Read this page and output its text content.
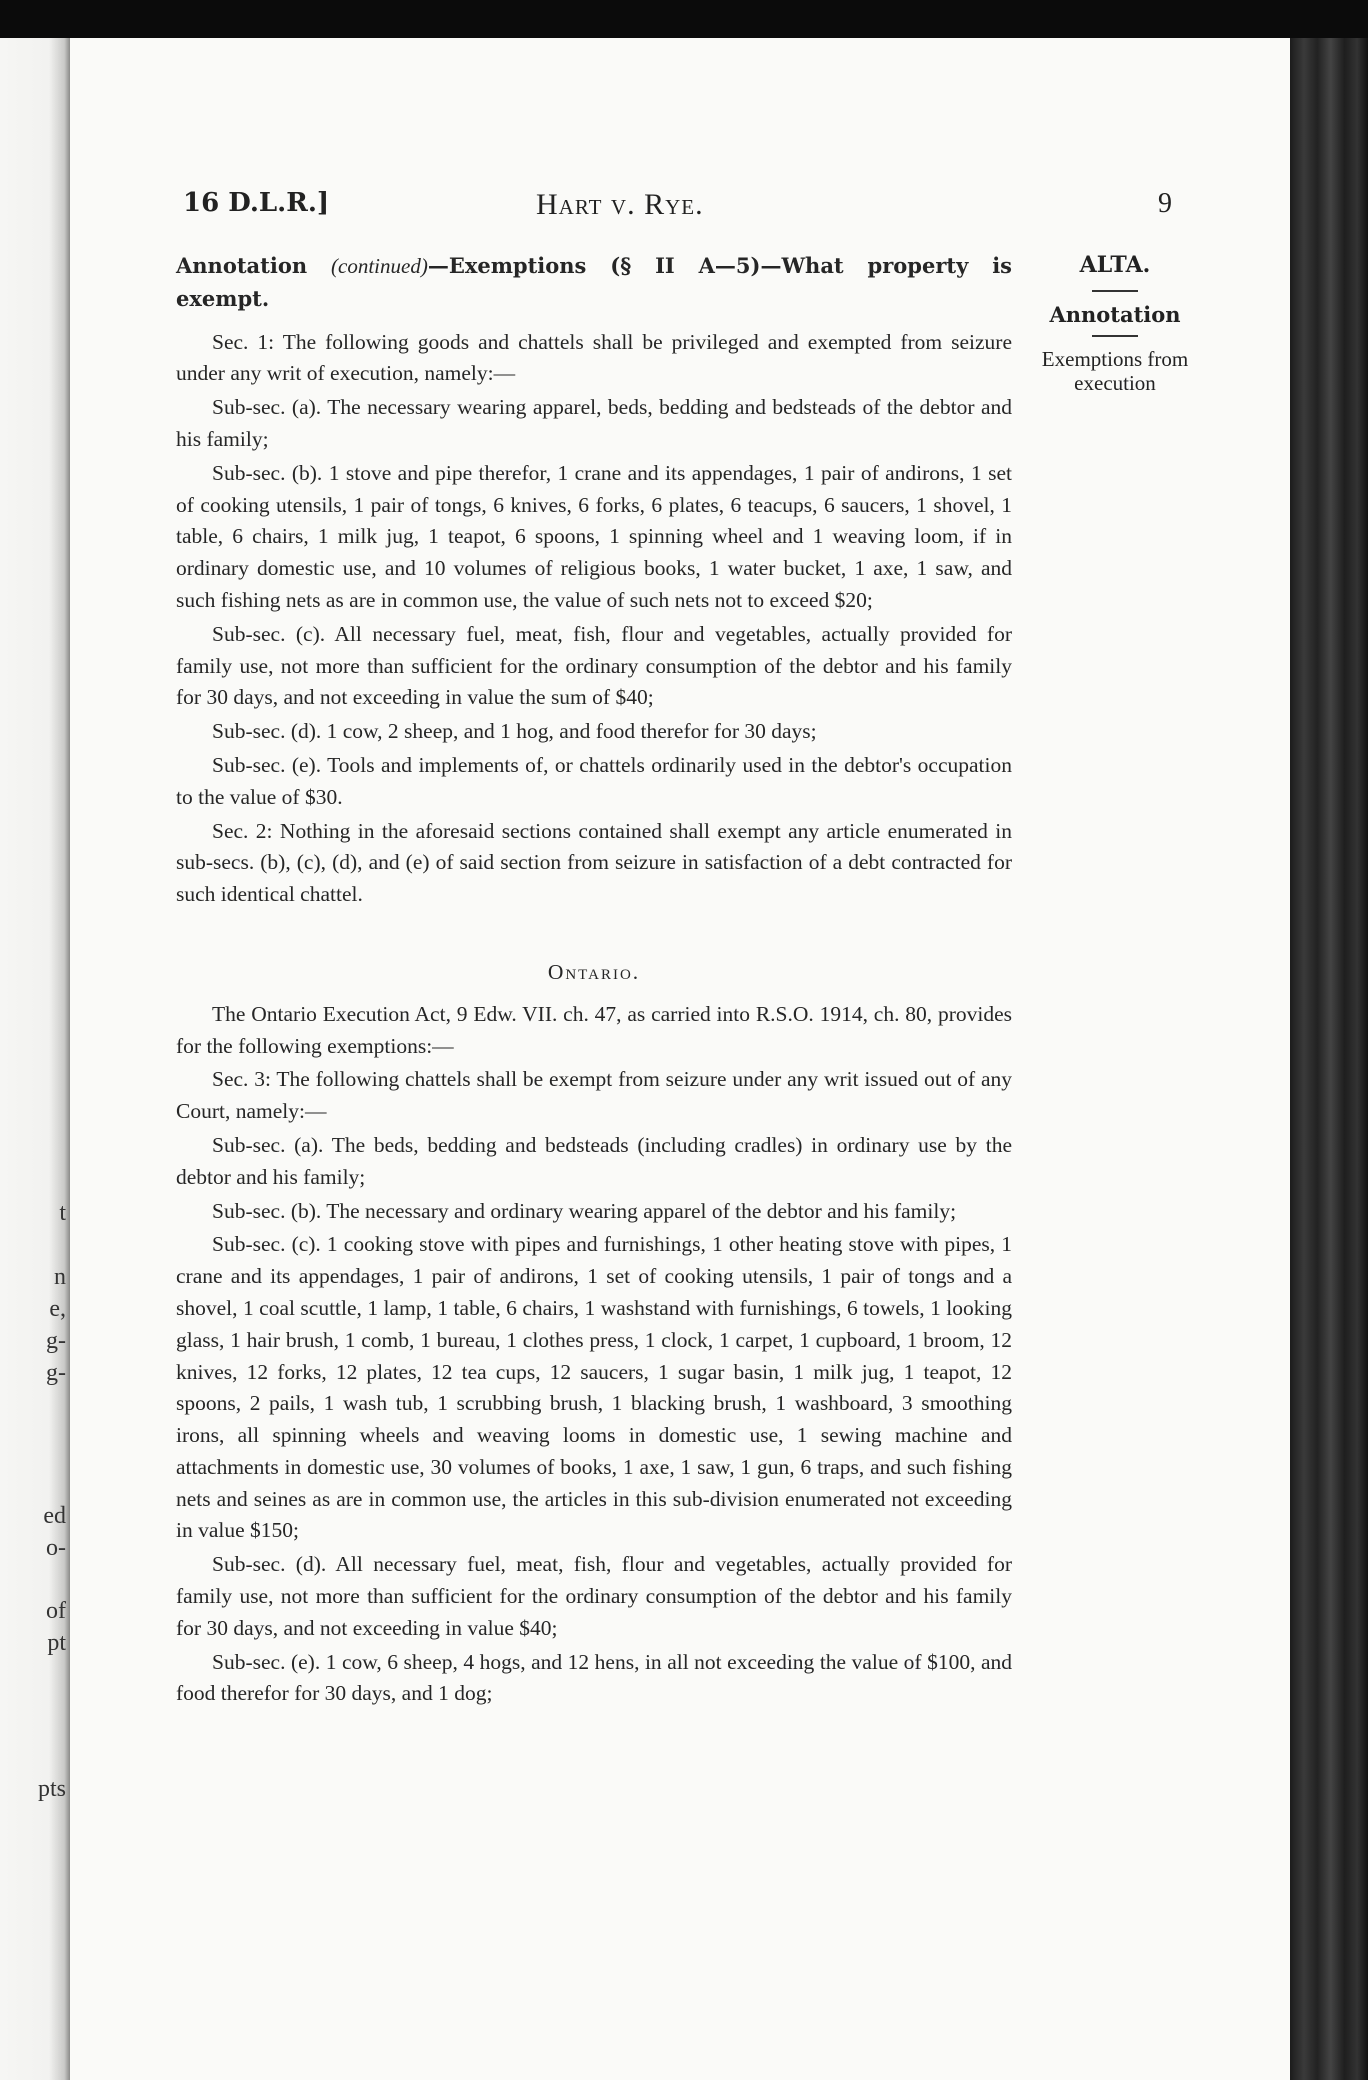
t
n
e,
g-
g-
ed
o-
of
pt
pts
16 D.L.R.]	Hart v. Rye.	9
ALTA.
Annotation
Exemptions from execution

Annotation (continued)—Exemptions (§ II A—5)—What property is exempt.

Sec. 1: The following goods and chattels shall be privileged and exempted from seizure under any writ of execution, namely:—

Sub-sec. (a). The necessary wearing apparel, beds, bedding and bedsteads of the debtor and his family;

Sub-sec. (b). 1 stove and pipe therefor, 1 crane and its appendages, 1 pair of andirons, 1 set of cooking utensils, 1 pair of tongs, 6 knives, 6 forks, 6 plates, 6 teacups, 6 saucers, 1 shovel, 1 table, 6 chairs, 1 milk jug, 1 teapot, 6 spoons, 1 spinning wheel and 1 weaving loom, if in ordinary domestic use, and 10 volumes of religious books, 1 water bucket, 1 axe, 1 saw, and such fishing nets as are in common use, the value of such nets not to exceed $20;

Sub-sec. (c). All necessary fuel, meat, fish, flour and vegetables, actually provided for family use, not more than sufficient for the ordinary consumption of the debtor and his family for 30 days, and not exceeding in value the sum of $40;

Sub-sec. (d). 1 cow, 2 sheep, and 1 hog, and food therefor for 30 days;

Sub-sec. (e). Tools and implements of, or chattels ordinarily used in the debtor's occupation to the value of $30.

Sec. 2: Nothing in the aforesaid sections contained shall exempt any article enumerated in sub-secs. (b), (c), (d), and (e) of said section from seizure in satisfaction of a debt contracted for such identical chattel.

Ontario.

The Ontario Execution Act, 9 Edw. VII. ch. 47, as carried into R.S.O. 1914, ch. 80, provides for the following exemptions:—

Sec. 3: The following chattels shall be exempt from seizure under any writ issued out of any Court, namely:—

Sub-sec. (a). The beds, bedding and bedsteads (including cradles) in ordinary use by the debtor and his family;

Sub-sec. (b). The necessary and ordinary wearing apparel of the debtor and his family;

Sub-sec. (c). 1 cooking stove with pipes and furnishings, 1 other heating stove with pipes, 1 crane and its appendages, 1 pair of andirons, 1 set of cooking utensils, 1 pair of tongs and a shovel, 1 coal scuttle, 1 lamp, 1 table, 6 chairs, 1 washstand with furnishings, 6 towels, 1 looking glass, 1 hair brush, 1 comb, 1 bureau, 1 clothes press, 1 clock, 1 carpet, 1 cupboard, 1 broom, 12 knives, 12 forks, 12 plates, 12 tea cups, 12 saucers, 1 sugar basin, 1 milk jug, 1 teapot, 12 spoons, 2 pails, 1 wash tub, 1 scrubbing brush, 1 blacking brush, 1 washboard, 3 smoothing irons, all spinning wheels and weaving looms in domestic use, 1 sewing machine and attachments in domestic use, 30 volumes of books, 1 axe, 1 saw, 1 gun, 6 traps, and such fishing nets and seines as are in common use, the articles in this sub-division enumerated not exceeding in value $150;

Sub-sec. (d). All necessary fuel, meat, fish, flour and vegetables, actually provided for family use, not more than sufficient for the ordinary consumption of the debtor and his family for 30 days, and not exceeding in value $40;

Sub-sec. (e). 1 cow, 6 sheep, 4 hogs, and 12 hens, in all not exceeding the value of $100, and food therefor for 30 days, and 1 dog;
